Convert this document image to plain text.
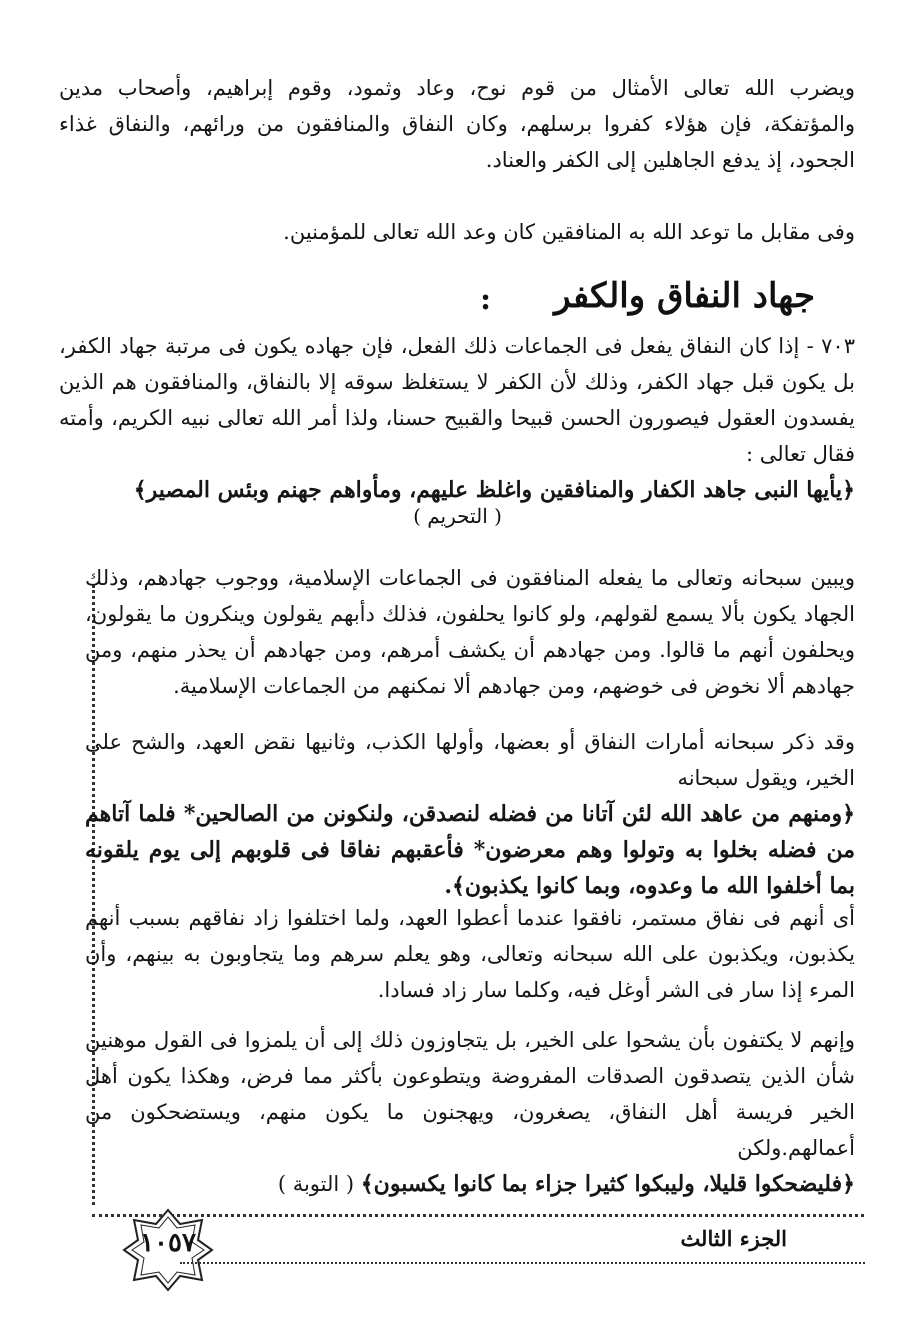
ويضرب الله تعالى الأمثال من قوم نوح، وعاد وثمود، وقوم إبراهيم، وأصحاب مدين والمؤتفكة، فإن هؤلاء كفروا برسلهم، وكان النفاق والمنافقون من ورائهم، والنفاق غذاء الجحود، إذ يدفع الجاهلين إلى الكفر والعناد.

وفى مقابل ما توعد الله به المنافقين كان وعد الله تعالى للمؤمنين.

جهاد النفاق والكفر
:

٧٠٣ - إذا كان النفاق يفعل فى الجماعات ذلك الفعل، فإن جهاده يكون فى مرتبة جهاد الكفر، بل يكون قبل جهاد الكفر، وذلك لأن الكفر لا يستغلظ سوقه إلا بالنفاق، والمنافقون هم الذين يفسدون العقول فيصورون الحسن قبيحا والقبيح حسنا، ولذا أمر الله تعالى نبيه الكريم، وأمته فقال تعالى :

﴿يأيها النبى جاهد الكفار والمنافقين واغلظ عليهم، ومأواهم جهنم وبئس المصير﴾

( التحريم )

ويبين سبحانه وتعالى ما يفعله المنافقون فى الجماعات الإسلامية، ووجوب جهادهم، وذلك الجهاد يكون بألا يسمع لقولهم، ولو كانوا يحلفون، فذلك دأبهم يقولون وينكرون ما يقولون، ويحلفون أنهم ما قالوا. ومن جهادهم أن يكشف أمرهم، ومن جهادهم أن يحذر منهم، ومن جهادهم ألا نخوض فى خوضهم، ومن جهادهم ألا نمكنهم من الجماعات الإسلامية.

وقد ذكر سبحانه أمارات النفاق أو بعضها، وأولها الكذب، وثانيها نقض العهد، والشح على الخير، ويقول سبحانه

﴿ومنهم من عاهد الله لئن آتانا من فضله لنصدقن، ولنكونن من الصالحين* فلما آتاهم من فضله بخلوا به وتولوا وهم معرضون* فأعقبهم نفاقا فى قلوبهم إلى يوم يلقونه بما أخلفوا الله ما وعدوه، وبما كانوا يكذبون﴾.

أى أنهم فى نفاق مستمر، نافقوا عندما أعطوا العهد، ولما اختلفوا زاد نفاقهم بسبب أنهم يكذبون، ويكذبون على الله سبحانه وتعالى، وهو يعلم سرهم وما يتجاوبون به بينهم، وأن المرء إذا سار فى الشر أوغل فيه، وكلما سار زاد فسادا.

وإنهم لا يكتفون بأن يشحوا على الخير، بل يتجاوزون ذلك إلى أن يلمزوا فى القول موهنين شأن الذين يتصدقون الصدقات المفروضة ويتطوعون بأكثر مما فرض، وهكذا يكون أهل الخير فريسة أهل النفاق، يصغرون، ويهجنون ما يكون منهم، ويستضحكون من أعمالهم.ولكن

﴿فليضحكوا قليلا، وليبكوا كثيرا جزاء بما كانوا يكسبون﴾ ( التوبة )

١٠٥٧	الجزء الثالث
